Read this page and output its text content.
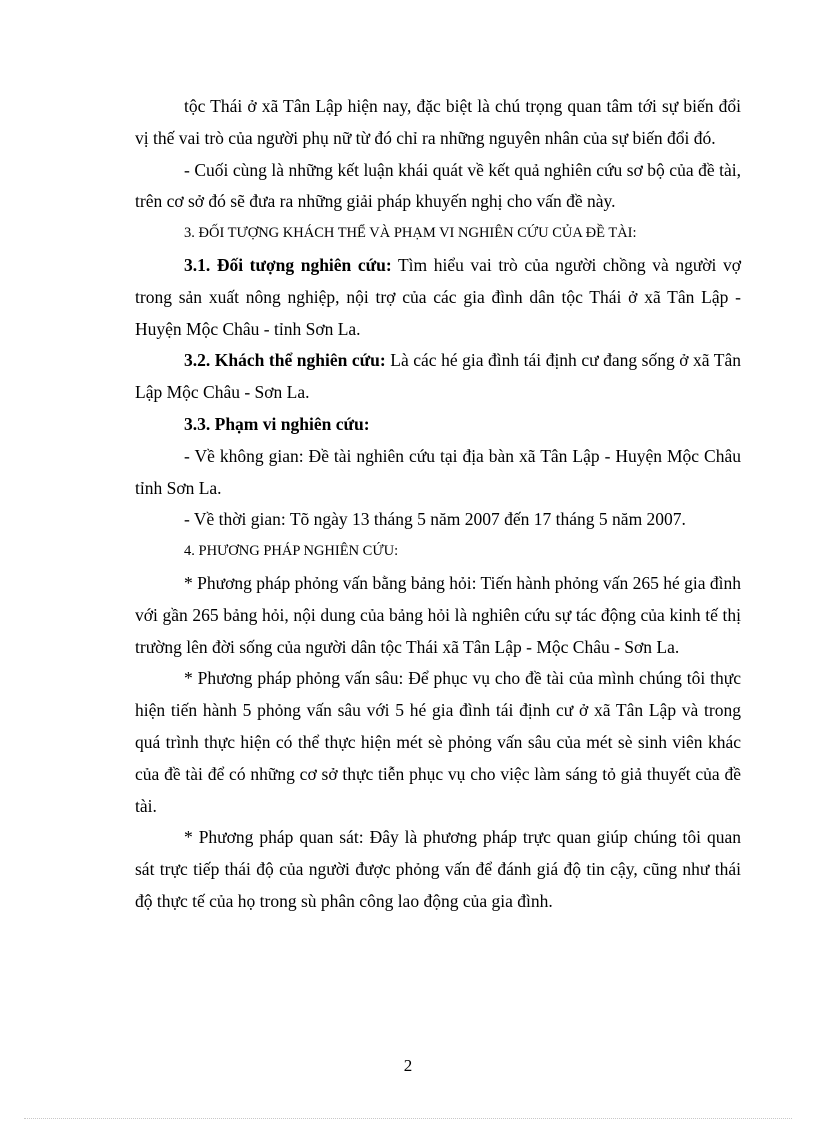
tộc Thái ở xã Tân Lập hiện nay, đặc biệt là chú trọng quan tâm tới sự biến đổi vị thế vai trò của người phụ nữ từ đó chỉ ra những nguyên nhân của sự biến đổi đó.

- Cuối cùng là những kết luận khái quát về kết quả nghiên cứu sơ bộ của đề tài, trên cơ sở đó sẽ đưa ra những giải pháp khuyến nghị cho vấn đề này.

3. ĐỐI TƯỢNG KHÁCH THỂ VÀ PHẠM VI NGHIÊN CỨU CỦA ĐỀ TÀI:

3.1. Đối tượng nghiên cứu: Tìm hiểu vai trò của người chồng và người vợ trong sản xuất nông nghiệp, nội trợ của các gia đình dân tộc Thái ở xã Tân Lập - Huyện Mộc Châu - tỉnh Sơn La.

3.2. Khách thể nghiên cứu: Là các hé gia đình tái định cư đang sống ở xã Tân Lập Mộc Châu - Sơn La.

3.3. Phạm vi nghiên cứu:

- Về không gian: Đề tài nghiên cứu tại địa bàn xã Tân Lập - Huyện Mộc Châu tỉnh Sơn La.

- Về thời gian: Tõ ngày 13 tháng 5 năm 2007 đến 17 tháng 5 năm 2007.

4. PHƯƠNG PHÁP NGHIÊN CỨU:

* Phương pháp phỏng vấn bằng bảng hỏi: Tiến hành phỏng vấn 265 hé gia đình với gần 265 bảng hỏi, nội dung của bảng hỏi là nghiên cứu sự tác động của kinh tế thị trường lên đời sống của người dân tộc Thái xã Tân Lập - Mộc Châu - Sơn La.

* Phương pháp phỏng vấn sâu: Để phục vụ cho đề tài của mình chúng tôi thực hiện tiến hành 5 phỏng vấn sâu với 5 hé gia đình tái định cư ở xã Tân Lập và trong quá trình thực hiện có thể thực hiện mét sè phỏng vấn sâu của mét sè sinh viên khác của đề tài để có những cơ sở thực tiễn phục vụ cho việc làm sáng tỏ giả thuyết của đề tài.

* Phương pháp quan sát: Đây là phương pháp trực quan giúp chúng tôi quan sát trực tiếp thái độ của người được phỏng vấn để đánh giá độ tin cậy, cũng như thái độ thực tế của họ trong sù phân công lao động của gia đình.

2
